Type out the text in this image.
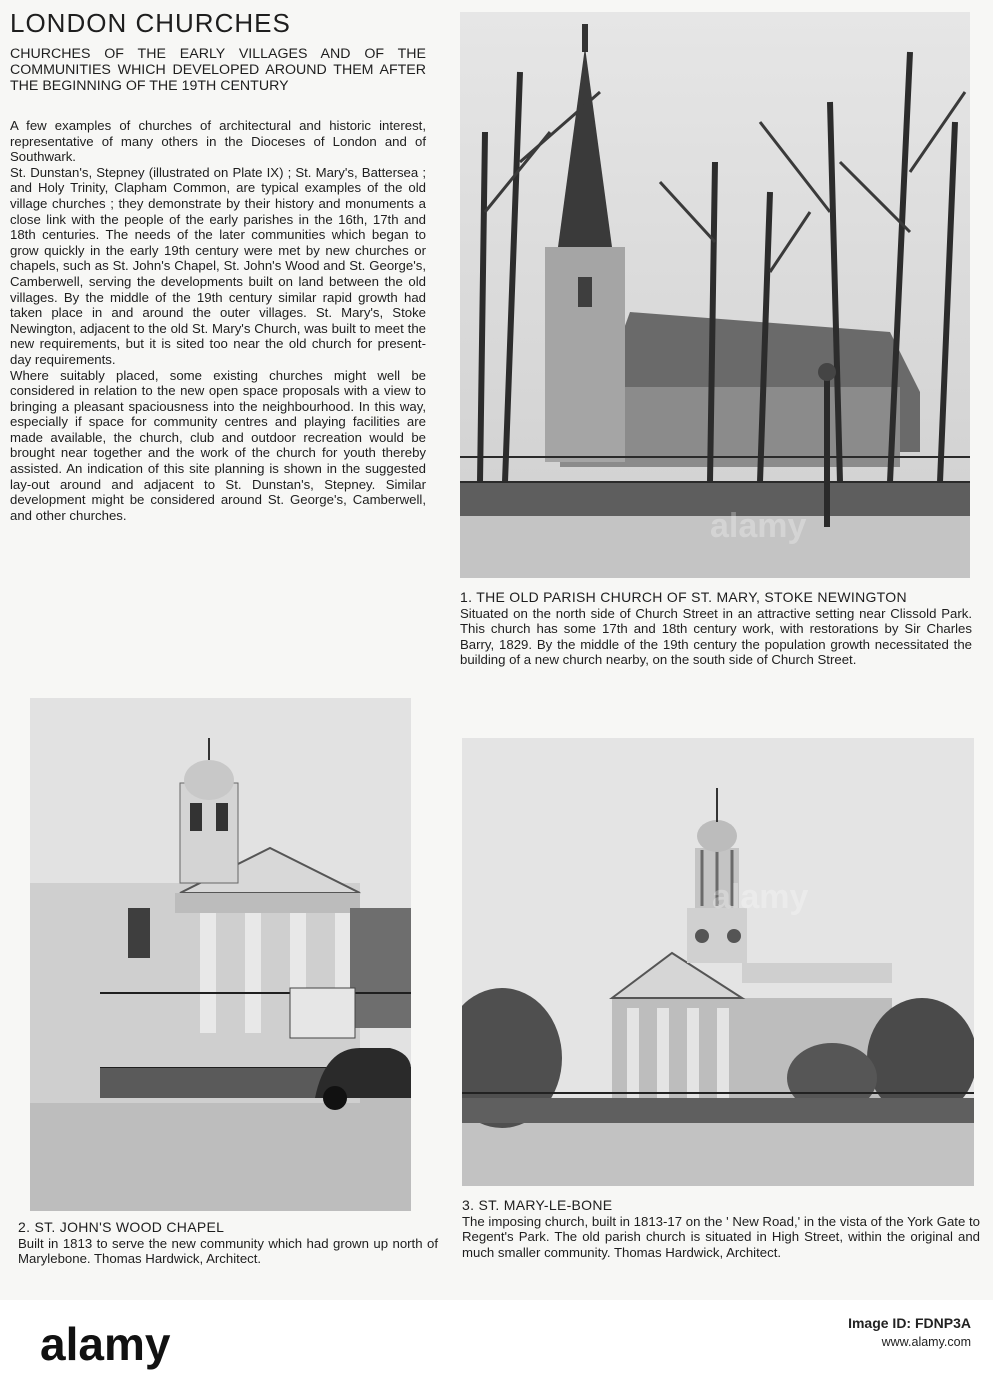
LONDON CHURCHES
CHURCHES OF THE EARLY VILLAGES AND OF THE COMMUNITIES WHICH DEVELOPED AROUND THEM AFTER THE BEGINNING OF THE 19TH CENTURY

A few examples of churches of architectural and historic interest, representative of many others in the Dioceses of London and of Southwark.

St. Dunstan's, Stepney (illustrated on Plate IX) ; St. Mary's, Battersea ; and Holy Trinity, Clapham Common, are typical examples of the old village churches ; they demonstrate by their history and monuments a close link with the people of the early parishes in the 16th, 17th and 18th centuries. The needs of the later communities which began to grow quickly in the early 19th century were met by new churches or chapels, such as St. John's Chapel, St. John's Wood and St. George's, Camberwell, serving the developments built on land between the old villages. By the middle of the 19th century similar rapid growth had taken place in and around the outer villages. St. Mary's, Stoke Newington, adjacent to the old St. Mary's Church, was built to meet the new requirements, but it is sited too near the old church for present-day requirements.

Where suitably placed, some existing churches might well be considered in relation to the new open space proposals with a view to bringing a pleasant spaciousness into the neighbourhood. In this way, especially if space for community centres and playing facilities are made available, the church, club and outdoor recreation would be brought near together and the work of the church for youth thereby assisted. An indication of this site planning is shown in the suggested lay-out around and adjacent to St. Dunstan's, Stepney. Similar development might be considered around St. George's, Camberwell, and other churches.	alamy
1. THE OLD PARISH CHURCH OF ST. MARY, STOKE NEWINGTON
Situated on the north side of Church Street in an attractive setting near Clissold Park. This church has some 17th and 18th century work, with restorations by Sir Charles Barry, 1829. By the middle of the 19th century the population growth necessitated the building of a new church nearby, on the south side of Church Street.
2. ST. JOHN'S WOOD CHAPEL
Built in 1813 to serve the new community which had grown up north of Marylebone. Thomas Hardwick, Architect.
alamy
3. ST. MARY-LE-BONE
The imposing church, built in 1813-17 on the ' New Road,' in the vista of the York Gate to Regent's Park. The old parish church is situated in High Street, within the original and much smaller community. Thomas Hardwick, Architect.
alamy	Image ID: FDNP3A
www.alamy.com
